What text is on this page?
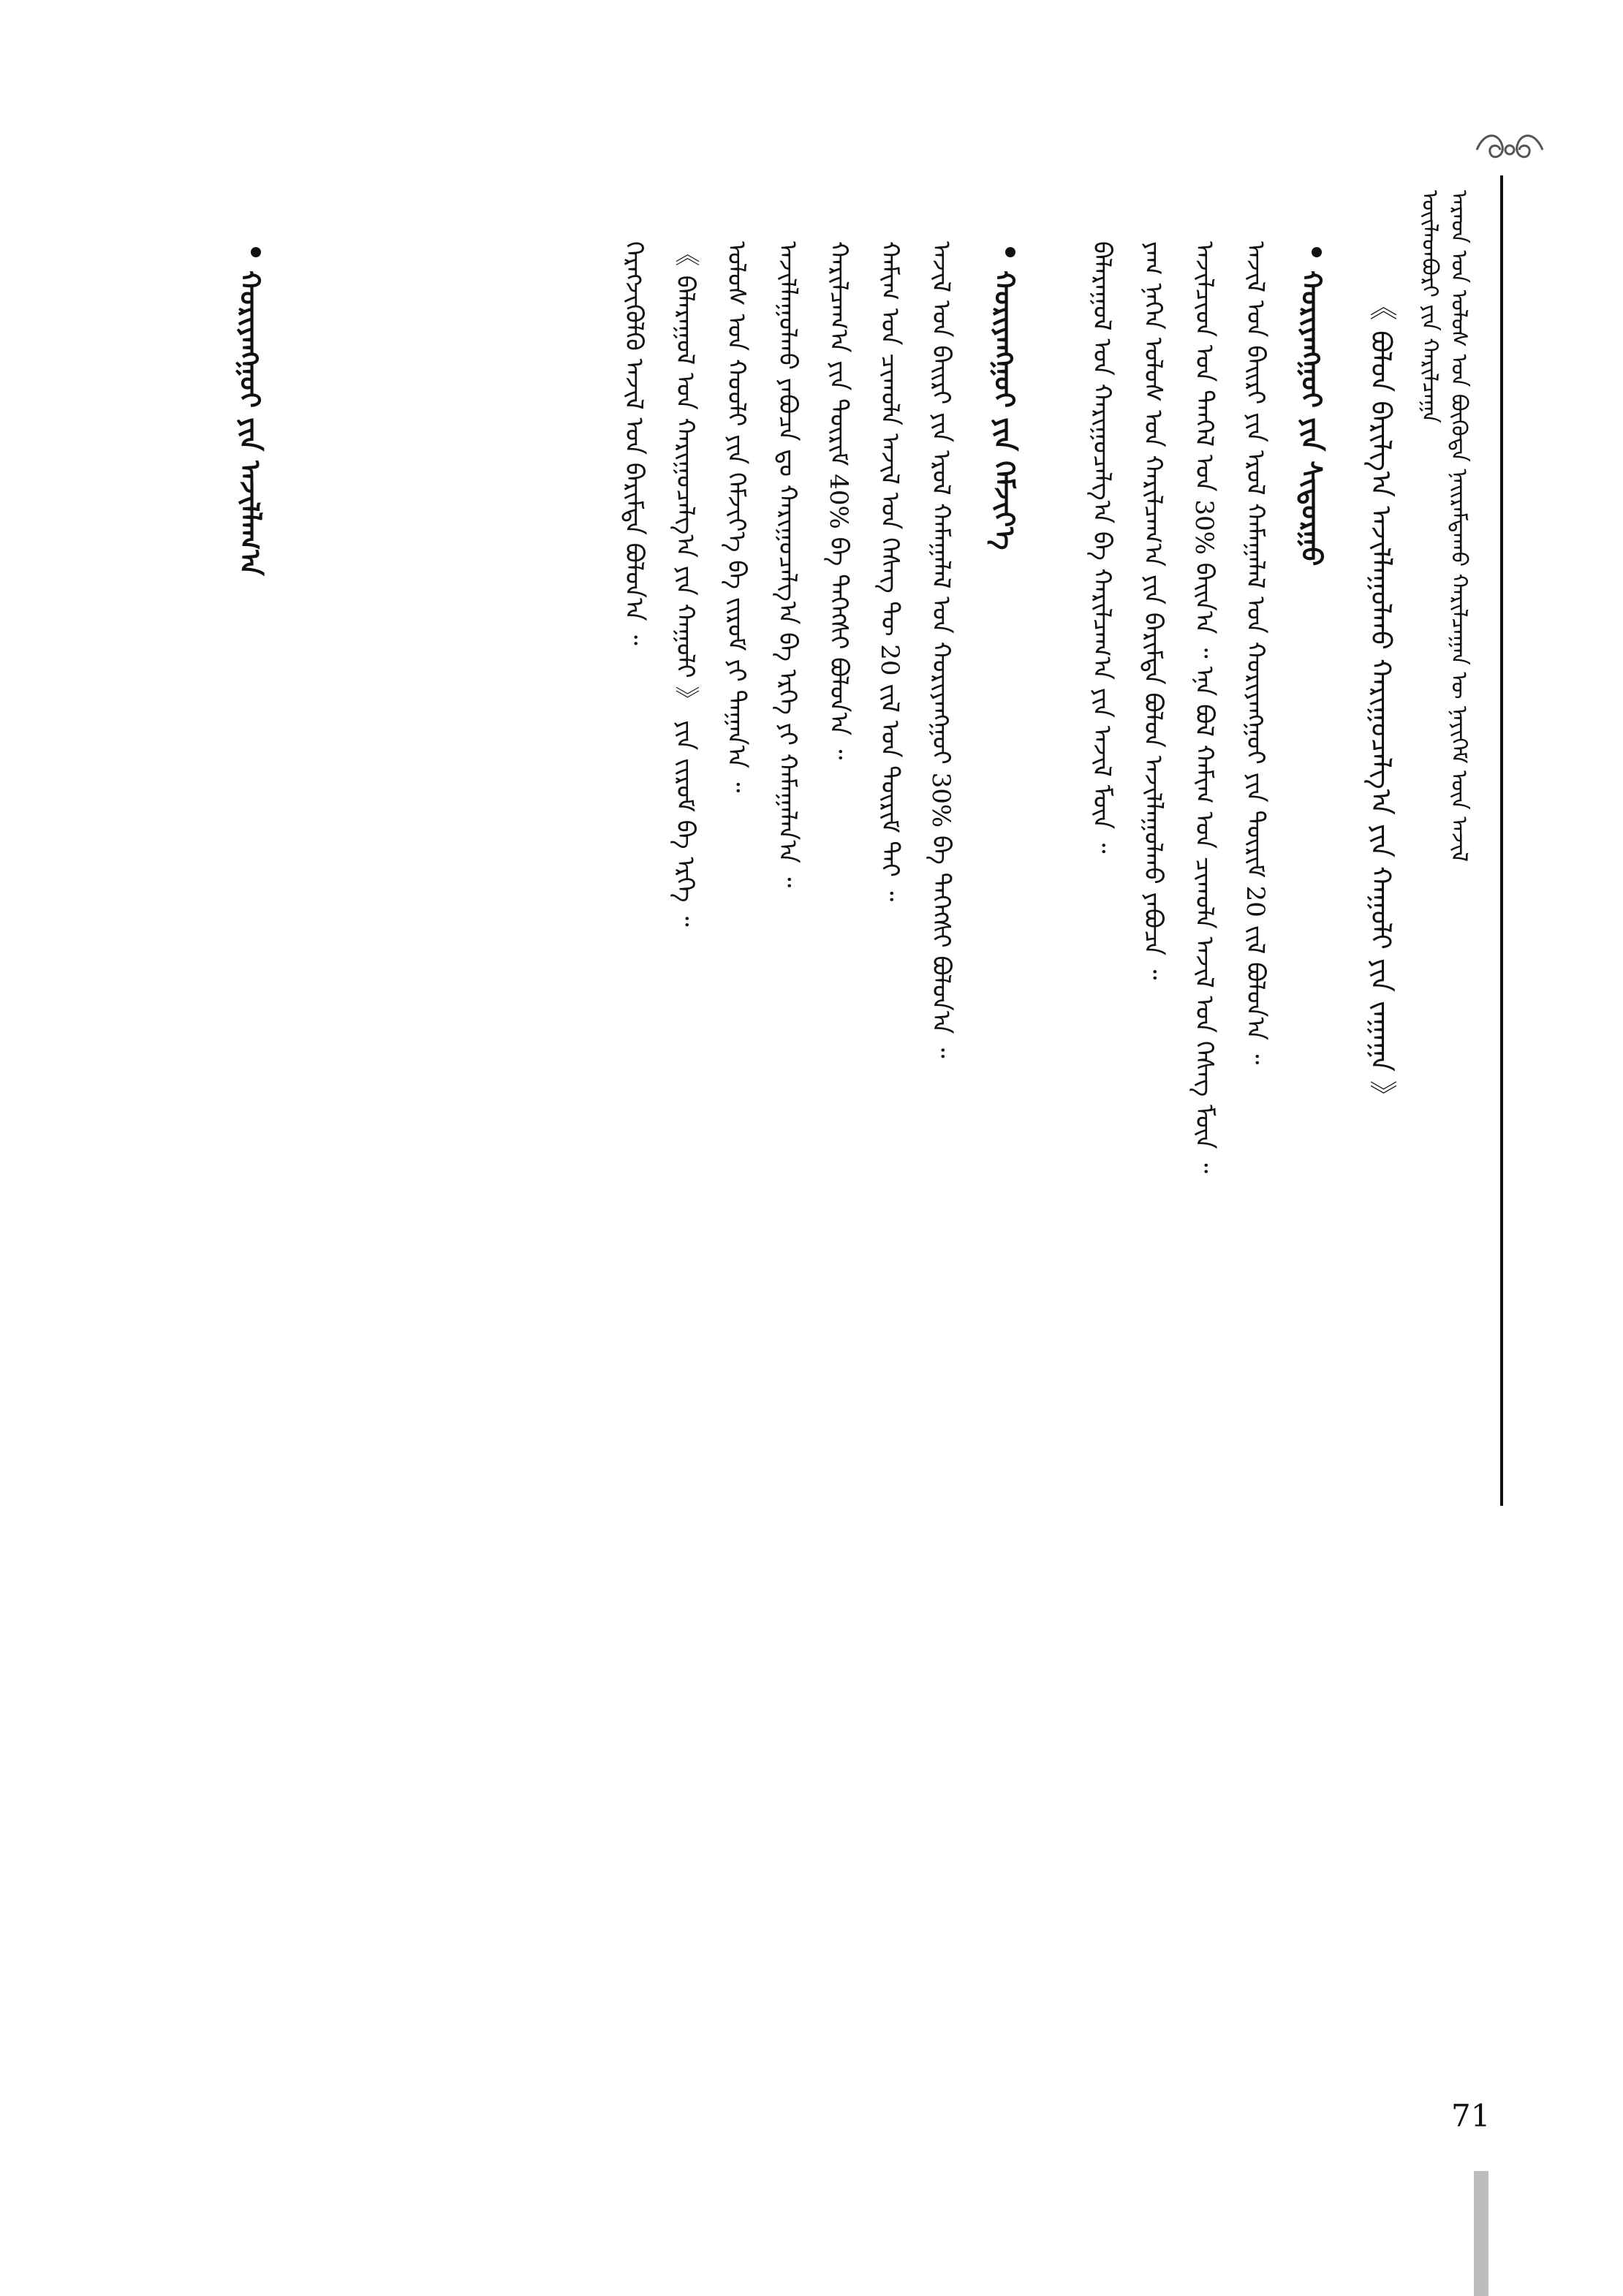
ᠠᠷᠠᠳ ᠤᠨ ᠤᠯᠤᠰ ᠤᠨ ᠪᠦᠭᠦᠳᠡ ᠨᠠᠢᠷᠠᠮᠳᠠᠬᠤ ᠬᠠᠷᠢᠯᠴᠠᠭᠠᠨ ᠦ ᠨᠡᠶᠢᠭᠡᠮ ᠦᠨ ᠠᠵᠢᠯ
ᠦᠢᠯᠡᠳᠪᠦᠷᠢ ᠶᠢᠨ ᠬᠠᠷᠢᠯᠴᠠᠭᠠ
《 ᠪᠣᠯᠣᠨ ᠪᠠᠷᠢᠯᠭ᠎ᠠ ᠠᠵᠢᠯᠯᠠᠭᠤᠯᠬᠤ ᠬᠠᠷᠢᠭᠤᠴᠠᠯᠭ᠎ᠠ ᠶᠢᠨ ᠬᠠᠭᠤᠯᠢ ᠶᠢᠨ ᠵᠠᠭᠠᠭᠠ 》
ᠬᠤᠷᠢᠶᠠᠩᠭᠤᠢ ᠶᠢᠨ ᠰᠢᠳᠤᠷᠭᠤ
ᠠᠵᠢᠯ ᠤᠨ ᠪᠠᠢᠷᠢ ᠶᠢᠨ ᠡᠷᠦᠯ ᠬᠠᠮᠠᠭᠠᠯᠠᠯ ᠤᠨ ᠬᠤᠷᠢᠶᠠᠩᠭᠤᠢ ᠶᠢᠨ ᠳᠦᠷᠢᠮ 20 ᠵᠢᠯ ᠪᠣᠯᠤᠨ᠎ᠠ ᠃
ᠠᠵᠢᠯᠴᠢᠳ ᠤᠨ ᠲᠡᠨᠭᠡᠯ ᠤᠨ 30% ᠪᠠᠢᠨ᠎ᠠ ᠃ ᠡᠨᠡ ᠪᠣᠯ ᠬᠠᠮᠢᠭ ᠤᠨ ᠴᠢᠬᠤᠯᠠ ᠠᠵᠢᠯ ᠤᠨ ᠬᠡᠰᠡᠭ ᠮᠥᠨ ᠃
ᠶᠠᠭ ᠨᠡᠭᠡᠨ ᠤᠯᠤᠰ ᠤᠨ ᠬᠠᠷᠢᠯᠴᠠᠭ᠎ᠠ ᠶᠢᠨ ᠪᠠᠷᠢᠮᠲᠠ ᠪᠣᠯᠤᠨ ᠠᠵᠢᠯᠯᠠᠭᠤᠯᠬᠤ ᠶᠠᠪᠤᠴᠠ ᠃
ᠪᠠᠯᠠᠷᠠᠭᠤᠯ ᠤᠨ ᠬᠠᠷᠢᠭᠤᠴᠠᠯᠭ᠎ᠠ ᠪᠠ ᠬᠠᠷᠢᠯᠴᠠᠭ᠎ᠠ ᠶᠢᠨ ᠠᠵᠢᠯ ᠮᠥᠨ ᠃
ᠬᠤᠷᠢᠶᠠᠩᠭᠤᠢ ᠶᠢᠨ ᠬᠡᠮᠵᠢᠶ᠎ᠡ
ᠠᠵᠢᠯ ᠤᠨ ᠪᠠᠢᠷᠢ ᠶᠢᠨ ᠡᠷᠦᠯ ᠬᠠᠮᠠᠭᠠᠯᠠᠯ ᠤᠨ ᠬᠤᠷᠢᠶᠠᠩᠭᠤᠢ 30% ᠪᠠ ᠳᠡᠭᠡᠭᠰᠢ ᠪᠣᠯᠤᠨ᠎ᠠ ᠃
ᠬᠠᠮᠢᠭ ᠤᠨ ᠴᠢᠬᠤᠯᠠ ᠠᠵᠢᠯ ᠤᠨ ᠬᠡᠰᠡᠭ ᠲᠦ 20 ᠵᠢᠯ ᠤᠨ ᠳᠦᠷᠢᠮ ᠲᠠᠢ ᠃
ᠬᠠᠷᠢᠯᠴᠠᠭ᠎ᠠ ᠶᠢᠨ ᠳᠦᠷᠢᠮ 40% ᠪᠠ ᠳᠡᠭᠡᠭᠰᠢ ᠪᠣᠯᠤᠨ᠎ᠠ ᠃
ᠠᠵᠢᠯᠯᠠᠭᠤᠯᠬᠤ ᠶᠠᠪᠤᠴᠠ ᠳᠤ ᠬᠠᠷᠢᠭᠤᠴᠠᠯᠭ᠎ᠠ ᠪᠠ ᠡᠷᠬᠡ ᠶᠢ ᠬᠠᠮᠠᠭᠠᠯᠠᠨ᠎ᠠ ᠃
ᠤᠯᠤᠰ ᠤᠨ ᠬᠤᠤᠯᠢ ᠶᠢᠨ ᠬᠡᠮᠵᠢᠶ᠎ᠡ ᠪᠠ ᠵᠢᠷᠤᠮ ᠶᠢ ᠳᠠᠭᠠᠨ᠎ᠠ ᠃
《 ᠪᠠᠯᠠᠷᠠᠭᠤᠯ ᠤᠨ ᠬᠠᠷᠢᠭᠤᠴᠠᠯᠭ᠎ᠠ ᠶᠢᠨ ᠬᠠᠭᠤᠯᠢ 》 ᠶᠢᠨ ᠵᠢᠷᠤᠮ ᠪᠠ ᠡᠷᠬᠡ ᠃
ᠬᠡᠷᠡᠭᠵᠢᠭᠦᠯᠬᠦ ᠠᠵᠢᠯ ᠤᠨ ᠪᠠᠷᠢᠮᠲᠠ ᠪᠣᠯᠤᠨ᠎ᠠ ᠃
ᠬᠤᠷᠢᠶᠠᠩᠭᠤᠢ ᠶᠢᠨ ᠠᠵᠢᠯᠯᠠᠭ᠎ᠠ
71
